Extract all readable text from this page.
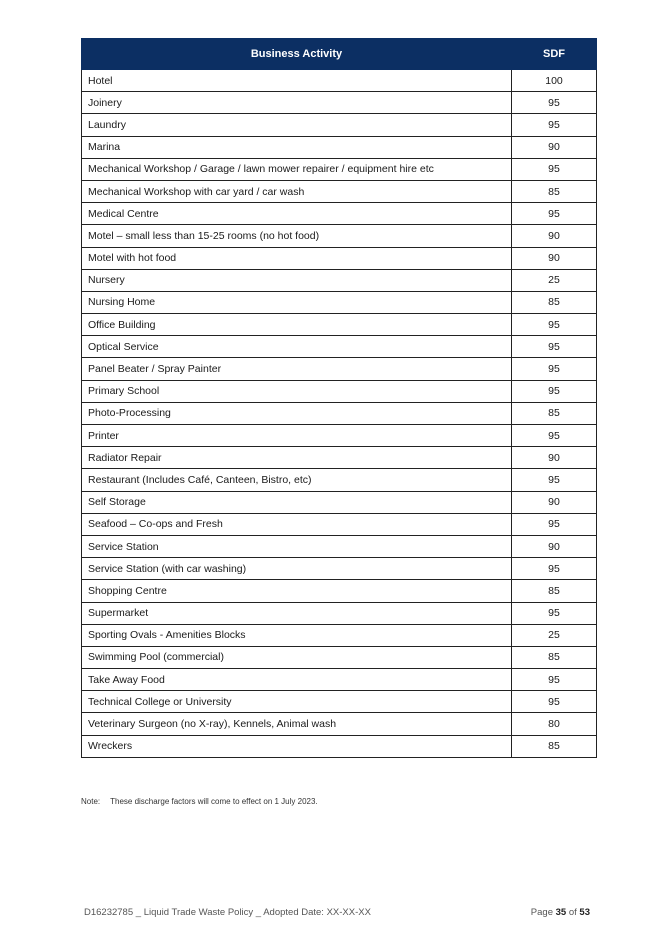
Business Activity	SDF
Hotel	100
Joinery	95
Laundry	95
Marina	90
Mechanical Workshop / Garage / lawn mower repairer / equipment hire etc	95
Mechanical Workshop with car yard / car wash	85
Medical Centre	95
Motel – small less than 15-25 rooms (no hot food)	90
Motel with hot food	90
Nursery	25
Nursing Home	85
Office Building	95
Optical Service	95
Panel Beater / Spray Painter	95
Primary School	95
Photo-Processing	85
Printer	95
Radiator Repair	90
Restaurant (Includes Café, Canteen, Bistro, etc)	95
Self Storage	90
Seafood – Co-ops and Fresh	95
Service Station	90
Service Station (with car washing)	95
Shopping Centre	85
Supermarket	95
Sporting Ovals - Amenities Blocks	25
Swimming Pool (commercial)	85
Take Away Food	95
Technical College or University	95
Veterinary Surgeon (no X-ray), Kennels, Animal wash	80
Wreckers	85
Note: These discharge factors will come to effect on 1 July 2023.
D16232785 _ Liquid Trade Waste Policy _ Adopted Date: XX-XX-XX	Page 35 of 53
